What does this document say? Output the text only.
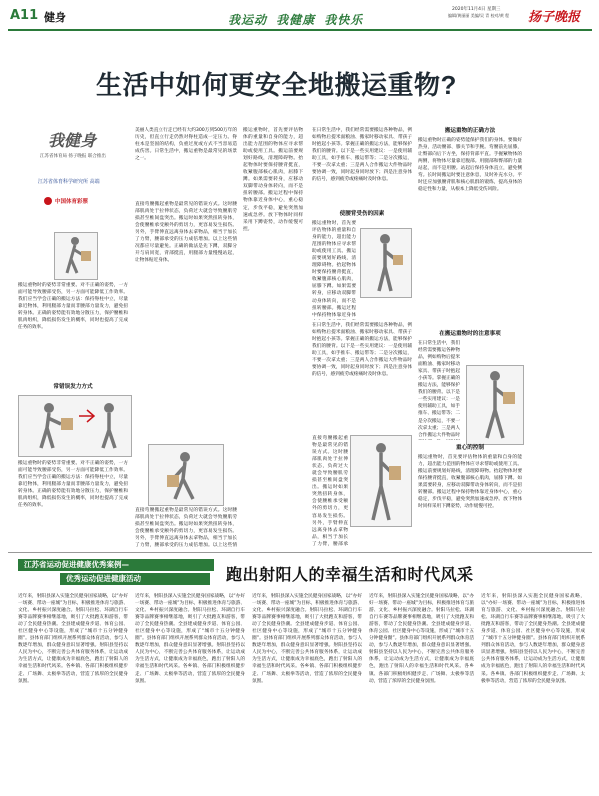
A11 健身	我运动 我健康 我快乐
2020年11月4日 星期三
编辑/黄丽丽 美编/吴 青 校对/黄 程 扬子晚报
生活中如何更安全地搬运重物?
我健身
江苏省体育局 扬子晚报 联合推出
江苏省体育科学研究所 高端
中国体育彩票
美丽人类直立行走已经有大约300万到500万年的历史，但直立行走仍然对脊柱造成一定压力。脊柱本是坚固的结构，负重过度或方式不当容易造成伤害。日常生活中，搬运重物是最常见的场景之一。
搬运重物时的姿势非常重要。对不正确的姿势，一方面可能导致腰部受伤，另一方面可能降低工作效率。我们应当学会正确的搬运方法：保持脊柱中立，尽量靠近物体，利用腿部力量而非腰部力量发力，避免扭转身体。正确的姿势能有效地分散压力，保护腰椎和肌肉组织，降低损伤发生的概率，同时也提高了完成任务的效率。
常错误发力方式
搬运重物时的姿势非常重要。对不正确的姿势，一方面可能导致腰部受伤，另一方面可能降低工作效率。我们应当学会正确的搬运方法：保持脊柱中立，尽量靠近物体，利用腿部力量而非腰部力量发力，避免扭转身体。正确的姿势能有效地分散压力，保护腰椎和肌肉组织，降低损伤发生的概率，同时也提高了完成任务的效率。
直接弯腰搬起重物是最常见的错误方式。这时腰部肌肉处于拉伸状态，负荷过大就会导致腰肌劳损甚至椎间盘突出。搬运时如果突然扭转身体，会使腰椎承受额外的剪切力，更容易发生损伤。另外，手臂伸直远离身体去拿物品，相当于加长了力臂，腰部承受的压力成倍增加。以上这些情况都应尽量避免。正确的做法是先下蹲，双脚分开与肩同宽，背部挺直，用腿部力量慢慢站起，让物体贴近身体。
直接弯腰搬起重物是最常见的错误方式。这时腰部肌肉处于拉伸状态，负荷过大就会导致腰肌劳损甚至椎间盘突出。搬运时如果突然扭转身体，会使腰椎承受额外的剪切力，更容易发生损伤。另外，手臂伸直远离身体去拿物品，相当于加长了力臂，腰部承受的压力成倍增加。以上这些情
搬运重物时，首先要评估物体的重量和自身的能力，超出能力范围的物体应寻求帮助或使用工具。搬运前要规划好路线，清理障碍物。抬起物体时要保持腰背挺直，收紧腹部核心肌肉，屈膝下蹲。如果需要转身，应移动双脚带动身体转向，而不是扭转腰部。搬运过程中保持物体靠近身体中心，重心稳定，步伐平稳，避免突然加速或急停。放下物体时同样采用下蹲姿势，动作缓慢可控。
在日常生活中，我们经常需要搬运各种物品，例如购物后提米面粮油、搬家时移动家具、带孩子时抱起小孩等。掌握正确的搬运方法，能够保护我们的腰背。以下是一些实用建议：一是使用辅助工具，如手推车、搬运带等；二是分次搬运，不要一次拿太重；三是两人合作搬运大件物品时要协调一致，同时起身同时放下；四是注意身体的信号，感到疲劳或疼痛时及时休息。
使腰背受伤的因素
搬运重物时，首先要评估物体的重量和自身的能力，超出能力范围的物体应寻求帮助或使用工具。搬运前要规划好路线，清理障碍物。抬起物体时要保持腰背挺直，收紧腹部核心肌肉，屈膝下蹲。如果需要转身，应移动双脚带动身体转向，而不是扭转腰部。搬运过程中保持物体靠近身体
在日常生活中，我们经常需要搬运各种物品，例如购物后提米面粮油、搬家时移动家具、带孩子时抱起小孩等。掌握正确的搬运方法，能够保护我们的腰背。以下是一些实用建议：一是使用辅助工具，如手推车、搬运带等；二是分次搬运，不要一次拿太重；三是两人合作搬运大件物品时要协调一致，同时起身同时放下；四是注意身体的信号，感到疲劳或疼痛时及时休息。
直接弯腰搬起重物是最常见的错误方式。这时腰部肌肉处于拉伸状态，负荷过大就会导致腰肌劳损甚至椎间盘突出。搬运时如果突然扭转身体，会使腰椎承受额外的剪切力，更容易发生损伤。另外，手臂伸直远离身体去拿物品，相当于加长了力臂，腰部承
搬运重物的正确方法
搬运重物时正确的姿势能保护我们的身体。要做好热身，活动腰部、膝关节和手腕。弯腰前先屈膝，让臀部向后下方坐，保持背部平直。手握紧物体的两侧，将物体尽量靠近腹部。用腿部和臀部的力量站起，而不是用腰。站起后保持身体直立，避免侧弯。长时间搬运时要注意休息，及时补充水分。平时还应加强腰背肌和核心肌群的锻炼，提高身体的稳定性和力量，从根本上降低受伤风险。
在搬运重物时的注意事项
在日常生活中，我们经常需要搬运各种物品，例如购物后提米面粮油、搬家时移动家具、带孩子时抱起小孩等。掌握正确的搬运方法，能够保护我们的腰背。以下是一些实用建议：一是使用辅助工具，如手推车、搬运带等；二是分次搬运，不要一次拿太重；三是两人合作搬运大件物品时
重心的控制
搬运重物时，首先要评估物体的重量和自身的能力，超出能力范围的物体应寻求帮助或使用工具。搬运前要规划好路线，清理障碍物。抬起物体时要保持腰背挺直，收紧腹部核心肌肉，屈膝下蹲。如果需要转身，应移动双脚带动身体转向，而不是扭转腰部。搬运过程中保持物体靠近身体中心，重心稳定，步伐平稳，避免突然加速或急停。放下物体时同样采用下蹲姿势，动作缓慢可控。
江苏省运动促进健康优秀案例—
优秀运动促进健康活动	跑出射阳人的幸福生活和时代风采
近年来，射阳县深入实施全民健身国家战略，以“办好一场赛、带动一座城”为目标，积极推进体育与旅游、文化、乡村振兴深度融合。射阳马拉松、环湖自行车赛等品牌赛事相继落地，吸引了大批跑友和游客，带动了全民健身热潮。全县建成健身步道、体育公园、社区健身中心等设施，形成了“城市十五分钟健身圈”。县体育部门组织开展系列群众体育活动，参与人数逐年增加，群众健身意识显著增强。射阳县坚持以人民为中心，不断完善公共体育服务体系，让运动成为生活方式，让健康成为幸福底色，跑出了射阳人的幸福生活和时代风采。各乡镇、各部门积极组织健步走、广场舞、太极拳等活动，营造了浓厚的全民健身氛围。
近年来，射阳县深入实施全民健身国家战略，以“办好一场赛、带动一座城”为目标，积极推进体育与旅游、文化、乡村振兴深度融合。射阳马拉松、环湖自行车赛等品牌赛事相继落地，吸引了大批跑友和游客，带动了全民健身热潮。全县建成健身步道、体育公园、社区健身中心等设施，形成了“城市十五分钟健身圈”。县体育部门组织开展系列群众体育活动，参与人数逐年增加，群众健身意识显著增强。射阳县坚持以人民为中心，不断完善公共体育服务体系，让运动成为生活方式，让健康成为幸福底色，跑出了射阳人的幸福生活和时代风采。各乡镇、各部门积极组织健步走、广场舞、太极拳等活动，营造了浓厚的全民健身氛围。
近年来，射阳县深入实施全民健身国家战略，以“办好一场赛、带动一座城”为目标，积极推进体育与旅游、文化、乡村振兴深度融合。射阳马拉松、环湖自行车赛等品牌赛事相继落地，吸引了大批跑友和游客，带动了全民健身热潮。全县建成健身步道、体育公园、社区健身中心等设施，形成了“城市十五分钟健身圈”。县体育部门组织开展系列群众体育活动，参与人数逐年增加，群众健身意识显著增强。射阳县坚持以人民为中心，不断完善公共体育服务体系，让运动成为生活方式，让健康成为幸福底色，跑出了射阳人的幸福生活和时代风采。各乡镇、各部门积极组织健步走、广场舞、太极拳等活动，营造了浓厚的全民健身氛围。
近年来，射阳县深入实施全民健身国家战略，以“办好一场赛、带动一座城”为目标，积极推进体育与旅游、文化、乡村振兴深度融合。射阳马拉松、环湖自行车赛等品牌赛事相继落地，吸引了大批跑友和游客，带动了全民健身热潮。全县建成健身步道、体育公园、社区健身中心等设施，形成了“城市十五分钟健身圈”。县体育部门组织开展系列群众体育活动，参与人数逐年增加，群众健身意识显著增强。射阳县坚持以人民为中心，不断完善公共体育服务体系，让运动成为生活方式，让健康成为幸福底色，跑出了射阳人的幸福生活和时代风采。各乡镇、各部门积极组织健步走、广场舞、太极拳等活动，营造了浓厚的全民健身氛围。
近年来，射阳县深入实施全民健身国家战略，以“办好一场赛、带动一座城”为目标，积极推进体育与旅游、文化、乡村振兴深度融合。射阳马拉松、环湖自行车赛等品牌赛事相继落地，吸引了大批跑友和游客，带动了全民健身热潮。全县建成健身步道、体育公园、社区健身中心等设施，形成了“城市十五分钟健身圈”。县体育部门组织开展系列群众体育活动，参与人数逐年增加，群众健身意识显著增强。射阳县坚持以人民为中心，不断完善公共体育服务体系，让运动成为生活方式，让健康成为幸福底色，跑出了射阳人的幸福生活和时代风采。各乡镇、各部门积极组织健步走、广场舞、太极拳等活动，营造了浓厚的全民健身氛围。
